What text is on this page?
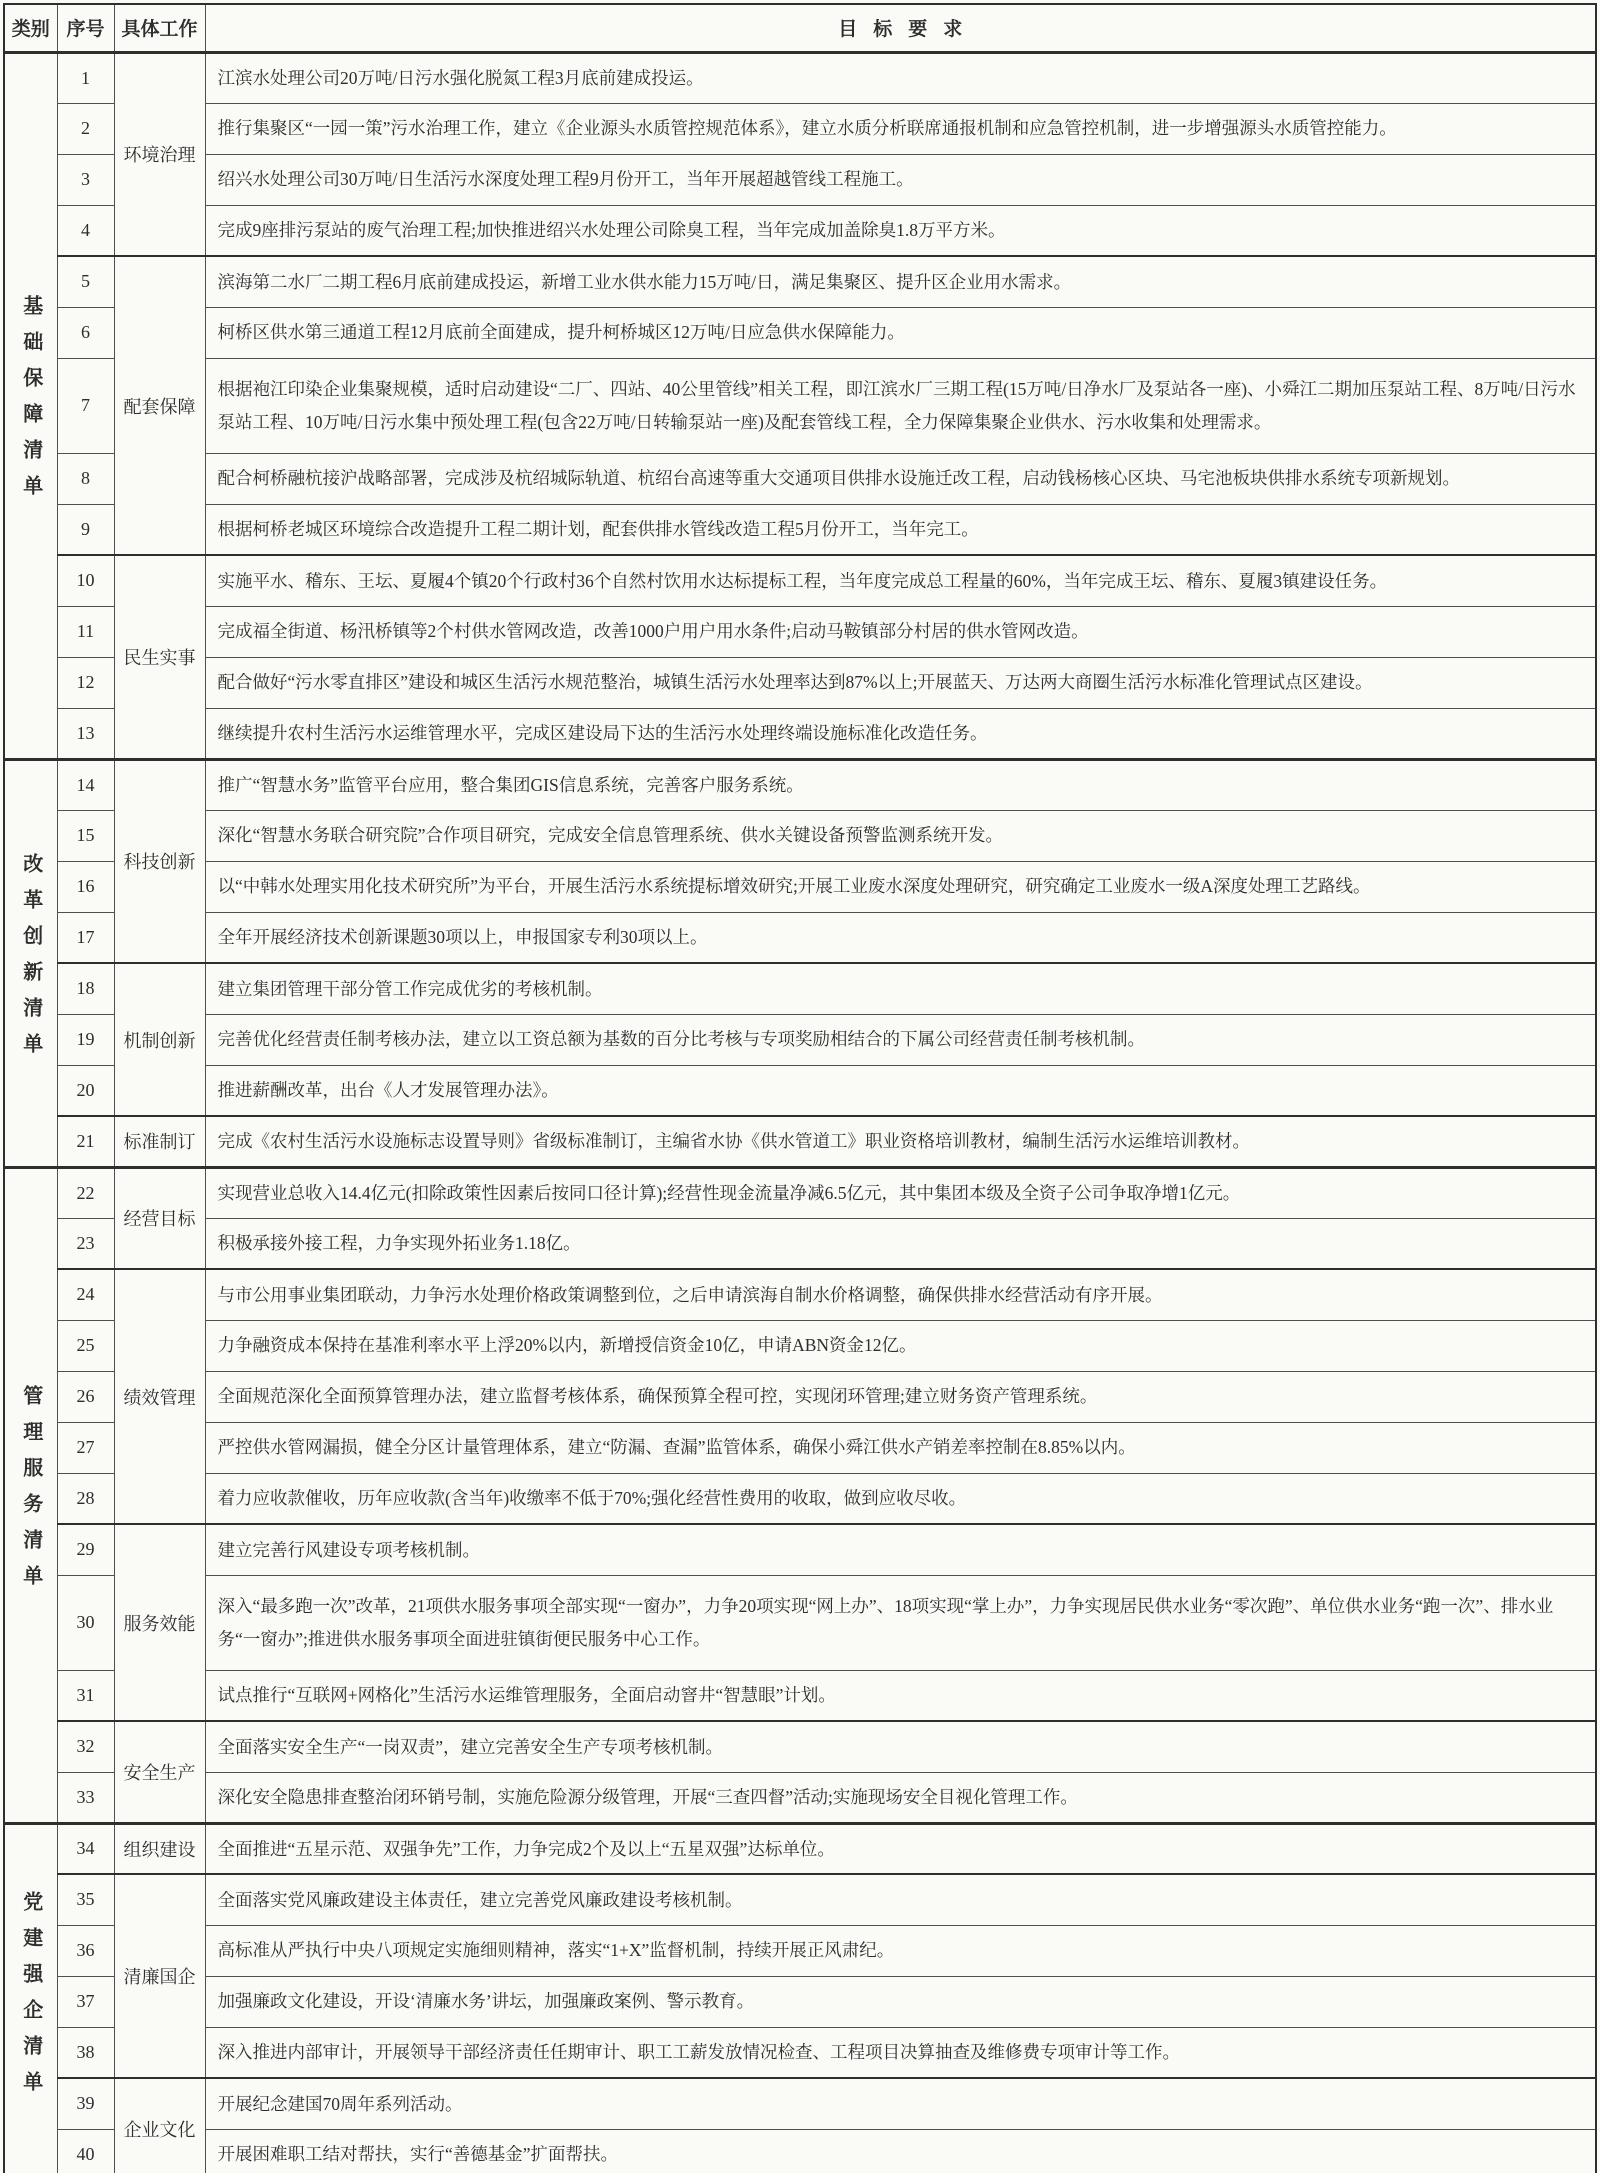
类别	序号	具体工作	目标要求
基础保障清单	1	环境治理	江滨水处理公司20万吨/日污水强化脱氮工程3月底前建成投运。
	2		推行集聚区“一园一策”污水治理工作，建立《企业源头水质管控规范体系》，建立水质分析联席通报机制和应急管控机制，进一步增强源头水质管控能力。
	3		绍兴水处理公司30万吨/日生活污水深度处理工程9月份开工，当年开展超越管线工程施工。
	4		完成9座排污泵站的废气治理工程;加快推进绍兴水处理公司除臭工程，当年完成加盖除臭1.8万平方米。
	5	配套保障	滨海第二水厂二期工程6月底前建成投运，新增工业水供水能力15万吨/日，满足集聚区、提升区企业用水需求。
	6		柯桥区供水第三通道工程12月底前全面建成，提升柯桥城区12万吨/日应急供水保障能力。
	7		根据袍江印染企业集聚规模，适时启动建设“二厂、四站、40公里管线”相关工程，即江滨水厂三期工程(15万吨/日净水厂及泵站各一座)、小舜江二期加压泵站工程、8万吨/日污水泵站工程、10万吨/日污水集中预处理工程(包含22万吨/日转输泵站一座)及配套管线工程，全力保障集聚企业供水、污水收集和处理需求。
	8		配合柯桥融杭接沪战略部署，完成涉及杭绍城际轨道、杭绍台高速等重大交通项目供排水设施迁改工程，启动钱杨核心区块、马宅池板块供排水系统专项新规划。
	9		根据柯桥老城区环境综合改造提升工程二期计划，配套供排水管线改造工程5月份开工，当年完工。
	10	民生实事	实施平水、稽东、王坛、夏履4个镇20个行政村36个自然村饮用水达标提标工程，当年度完成总工程量的60%，当年完成王坛、稽东、夏履3镇建设任务。
	11		完成福全街道、杨汛桥镇等2个村供水管网改造，改善1000户用户用水条件;启动马鞍镇部分村居的供水管网改造。
	12		配合做好“污水零直排区”建设和城区生活污水规范整治，城镇生活污水处理率达到87%以上;开展蓝天、万达两大商圈生活污水标准化管理试点区建设。
	13		继续提升农村生活污水运维管理水平，完成区建设局下达的生活污水处理终端设施标准化改造任务。
改革创新清单	14	科技创新	推广“智慧水务”监管平台应用，整合集团GIS信息系统，完善客户服务系统。
	15		深化“智慧水务联合研究院”合作项目研究，完成安全信息管理系统、供水关键设备预警监测系统开发。
	16		以“中韩水处理实用化技术研究所”为平台，开展生活污水系统提标增效研究;开展工业废水深度处理研究，研究确定工业废水一级A深度处理工艺路线。
	17		全年开展经济技术创新课题30项以上，申报国家专利30项以上。
	18	机制创新	建立集团管理干部分管工作完成优劣的考核机制。
	19		完善优化经营责任制考核办法，建立以工资总额为基数的百分比考核与专项奖励相结合的下属公司经营责任制考核机制。
	20		推进薪酬改革，出台《人才发展管理办法》。
	21	标准制订	完成《农村生活污水设施标志设置导则》省级标准制订，主编省水协《供水管道工》职业资格培训教材，编制生活污水运维培训教材。
管理服务清单	22	经营目标	实现营业总收入14.4亿元(扣除政策性因素后按同口径计算);经营性现金流量净减6.5亿元，其中集团本级及全资子公司争取净增1亿元。
	23		积极承接外接工程，力争实现外拓业务1.18亿。
	24	绩效管理	与市公用事业集团联动，力争污水处理价格政策调整到位，之后申请滨海自制水价格调整，确保供排水经营活动有序开展。
	25		力争融资成本保持在基准利率水平上浮20%以内，新增授信资金10亿，申请ABN资金12亿。
	26		全面规范深化全面预算管理办法，建立监督考核体系，确保预算全程可控，实现闭环管理;建立财务资产管理系统。
	27		严控供水管网漏损，健全分区计量管理体系，建立“防漏、查漏”监管体系，确保小舜江供水产销差率控制在8.85%以内。
	28		着力应收款催收，历年应收款(含当年)收缴率不低于70%;强化经营性费用的收取，做到应收尽收。
	29	服务效能	建立完善行风建设专项考核机制。
	30		深入“最多跑一次”改革，21项供水服务事项全部实现“一窗办”，力争20项实现“网上办”、18项实现“掌上办”，力争实现居民供水业务“零次跑”、单位供水业务“跑一次”、排水业务“一窗办”;推进供水服务事项全面进驻镇街便民服务中心工作。
	31		试点推行“互联网+网格化”生活污水运维管理服务，全面启动窨井“智慧眼”计划。
	32	安全生产	全面落实安全生产“一岗双责”，建立完善安全生产专项考核机制。
	33		深化安全隐患排查整治闭环销号制，实施危险源分级管理，开展“三查四督”活动;实施现场安全目视化管理工作。
党建强企清单	34	组织建设	全面推进“五星示范、双强争先”工作，力争完成2个及以上“五星双强”达标单位。
	35	清廉国企	全面落实党风廉政建设主体责任，建立完善党风廉政建设考核机制。
	36		高标准从严执行中央八项规定实施细则精神，落实“1+X”监督机制，持续开展正风肃纪。
	37		加强廉政文化建设，开设‘清廉水务’讲坛，加强廉政案例、警示教育。
	38		深入推进内部审计，开展领导干部经济责任任期审计、职工工薪发放情况检查、工程项目决算抽查及维修费专项审计等工作。
	39	企业文化	开展纪念建国70周年系列活动。
	40		开展困难职工结对帮扶，实行“善德基金”扩面帮扶。
